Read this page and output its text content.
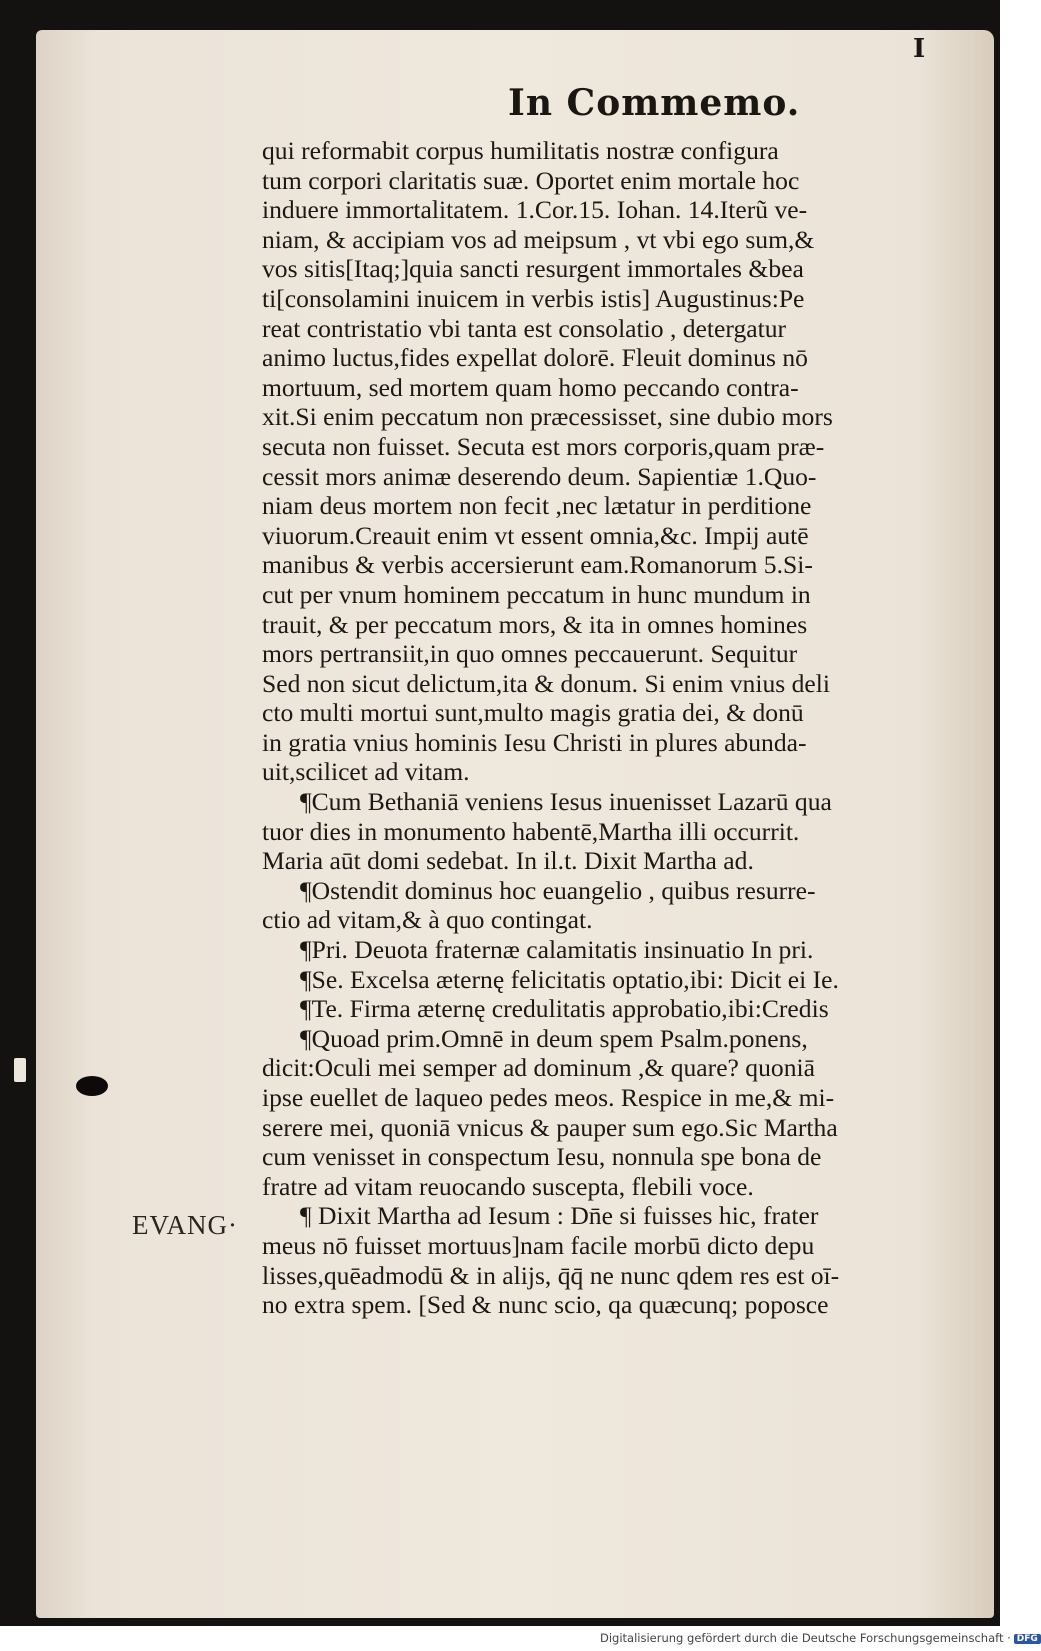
I
In Commemo.
EVANG·
qui reformabit corpus humilitatis nostræ configura
tum corpori claritatis suæ. Oportet enim mortale hoc
induere immortalitatem. 1.Cor.15. Iohan. 14.Iterũ ve-
niam, & accipiam vos ad meipsum , vt vbi ego sum,&
vos sitis[Itaq;]quia sancti resurgent immortales &bea
ti[consolamini inuicem in verbis istis] Augustinus:Pe
reat contristatio vbi tanta est consolatio , detergatur
animo luctus,fides expellat dolorē. Fleuit dominus nō
mortuum, sed mortem quam homo peccando contra-
xit.Si enim peccatum non præcessisset, sine dubio mors
secuta non fuisset. Secuta est mors corporis,quam præ-
cessit mors animæ deserendo deum. Sapientiæ 1.Quo-
niam deus mortem non fecit ,nec lætatur in perditione
viuorum.Creauit enim vt essent omnia,&c. Impij autē
manibus & verbis accersierunt eam.Romanorum 5.Si-
cut per vnum hominem peccatum in hunc mundum in
trauit, & per peccatum mors, & ita in omnes homines
mors pertransiit,in quo omnes peccauerunt. Sequitur
Sed non sicut delictum,ita & donum. Si enim vnius deli
cto multi mortui sunt,multo magis gratia dei, & donū
in gratia vnius hominis Iesu Christi in plures abunda-
uit,scilicet ad vitam.
¶Cum Bethaniā veniens Iesus inuenisset Lazarū qua
tuor dies in monumento habentē,Martha illi occurrit.
Maria aūt domi sedebat. In il.t. Dixit Martha ad.
¶Ostendit dominus hoc euangelio , quibus resurre-
ctio ad vitam,& à quo contingat.
¶Pri. Deuota fraternæ calamitatis insinuatio In pri.
¶Se. Excelsa æternę felicitatis optatio,ibi: Dicit ei Ie.
¶Te. Firma æternę credulitatis approbatio,ibi:Credis
¶Quoad prim.Omnē in deum spem Psalm.ponens,
dicit:Oculi mei semper ad dominum ,& quare? quoniā
ipse euellet de laqueo pedes meos. Respice in me,& mi-
serere mei, quoniā vnicus & pauper sum ego.Sic Martha
cum venisset in conspectum Iesu, nonnula spe bona de
fratre ad vitam reuocando suscepta, flebili voce.
¶ Dixit Martha ad Iesum : Dn̄e si fuisses hic, frater
meus nō fuisset mortuus]nam facile morbū dicto depu
lisses,quēadmodū & in alijs, q̄q̄ ne nunc qdem res est oī-
no extra spem. [Sed & nunc scio, qa quæcunq; poposce
Digitalisierung gefördert durch die Deutsche Forschungsgemeinschaft · DFG
